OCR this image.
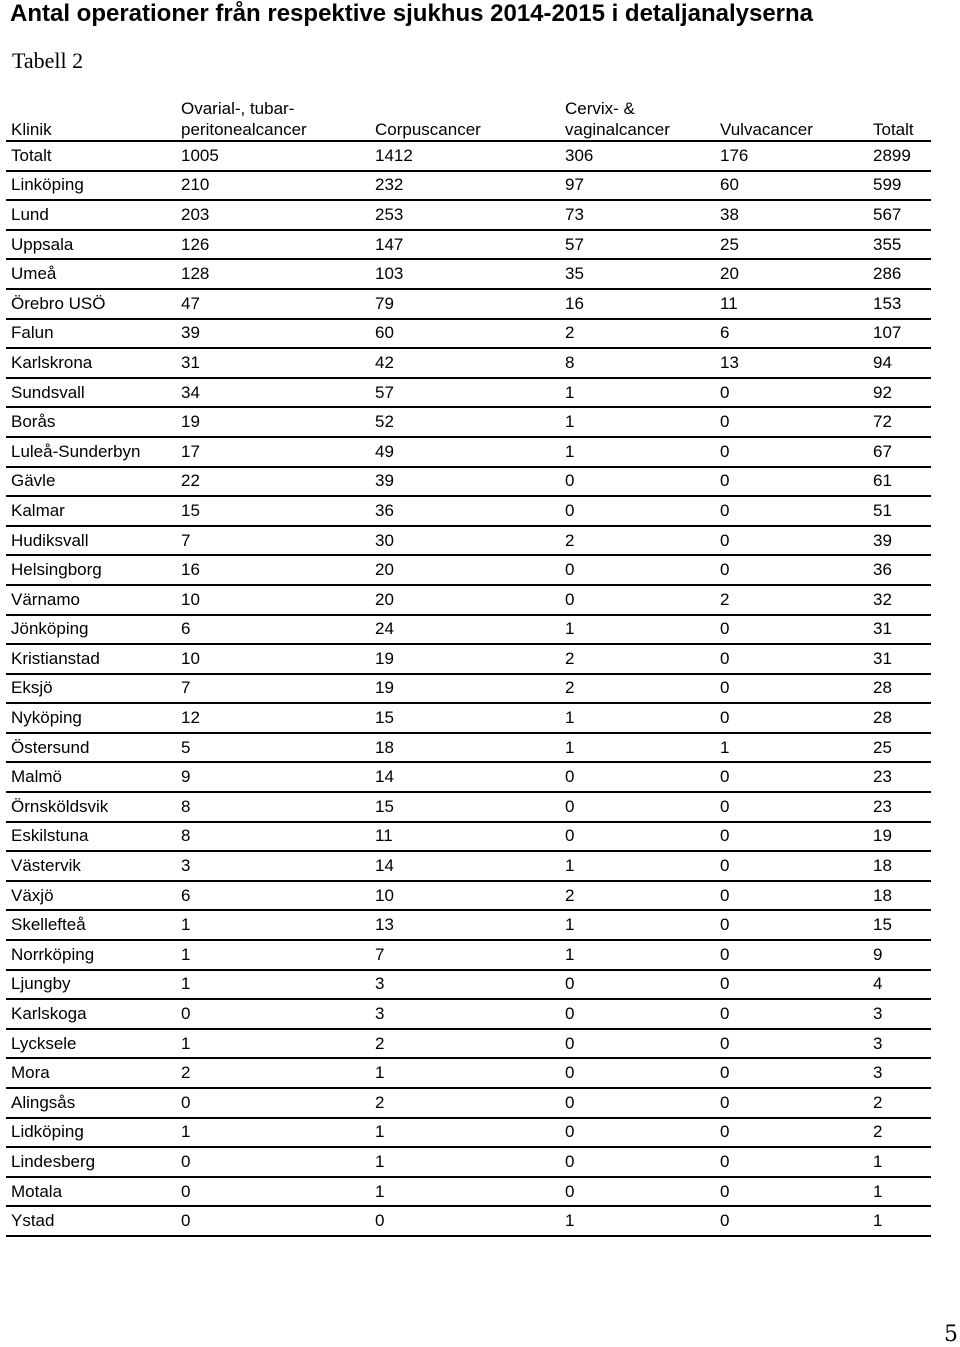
Antal operationer från respektive sjukhus 2014-2015 i detaljanalyserna
Tabell 2
Klinik	Ovarial-, tubar- peritonealcancer	Corpuscancer	Cervix- & vaginalcancer	Vulvacancer	Totalt
Totalt	1005	1412	306	176	2899
Linköping	210	232	97	60	599
Lund	203	253	73	38	567
Uppsala	126	147	57	25	355
Umeå	128	103	35	20	286
Örebro USÖ	47	79	16	11	153
Falun	39	60	2	6	107
Karlskrona	31	42	8	13	94
Sundsvall	34	57	1	0	92
Borås	19	52	1	0	72
Luleå-Sunderbyn	17	49	1	0	67
Gävle	22	39	0	0	61
Kalmar	15	36	0	0	51
Hudiksvall	7	30	2	0	39
Helsingborg	16	20	0	0	36
Värnamo	10	20	0	2	32
Jönköping	6	24	1	0	31
Kristianstad	10	19	2	0	31
Eksjö	7	19	2	0	28
Nyköping	12	15	1	0	28
Östersund	5	18	1	1	25
Malmö	9	14	0	0	23
Örnsköldsvik	8	15	0	0	23
Eskilstuna	8	11	0	0	19
Västervik	3	14	1	0	18
Växjö	6	10	2	0	18
Skellefteå	1	13	1	0	15
Norrköping	1	7	1	0	9
Ljungby	1	3	0	0	4
Karlskoga	0	3	0	0	3
Lycksele	1	2	0	0	3
Mora	2	1	0	0	3
Alingsås	0	2	0	0	2
Lidköping	1	1	0	0	2
Lindesberg	0	1	0	0	1
Motala	0	1	0	0	1
Ystad	0	0	1	0	1
5
